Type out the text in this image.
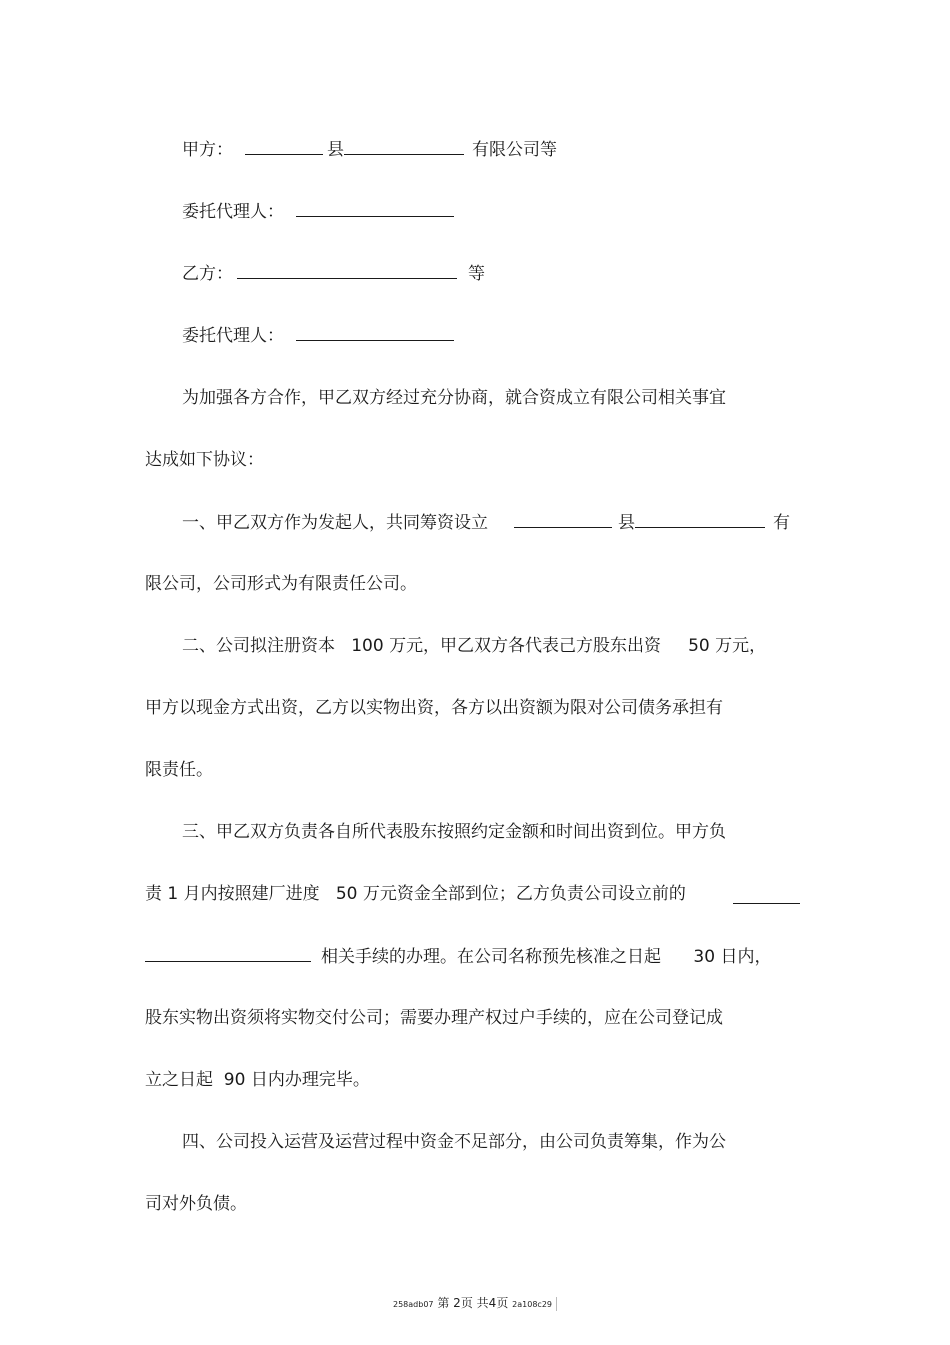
甲方：	县	有限公司等
委托代理人：
乙方：	等
委托代理人：
为加强各方合作，甲乙双方经过充分协商，就合资成立有限公司相关事宜
达成如下协议：
一、甲乙双方作为发起人，共同筹资设立	县	有
限公司，公司形式为有限责任公司。
二、公司拟注册资本   100 万元，甲乙双方各代表己方股东出资     50 万元，
甲方以现金方式出资，乙方以实物出资，各方以出资额为限对公司债务承担有
限责任。
三、甲乙双方负责各自所代表股东按照约定金额和时间出资到位。甲方负
责 1 月内按照建厂进度   50 万元资金全部到位；乙方负责公司设立前的
相关手续的办理。在公司名称预先核准之日起      30 日内，
股东实物出资须将实物交付公司；需要办理产权过户手续的，应在公司登记成
立之日起  90 日内办理完毕。
四、公司投入运营及运营过程中资金不足部分，由公司负责筹集，作为公
司对外负债。
258adb07 第 2页 共4页 2a108c29
